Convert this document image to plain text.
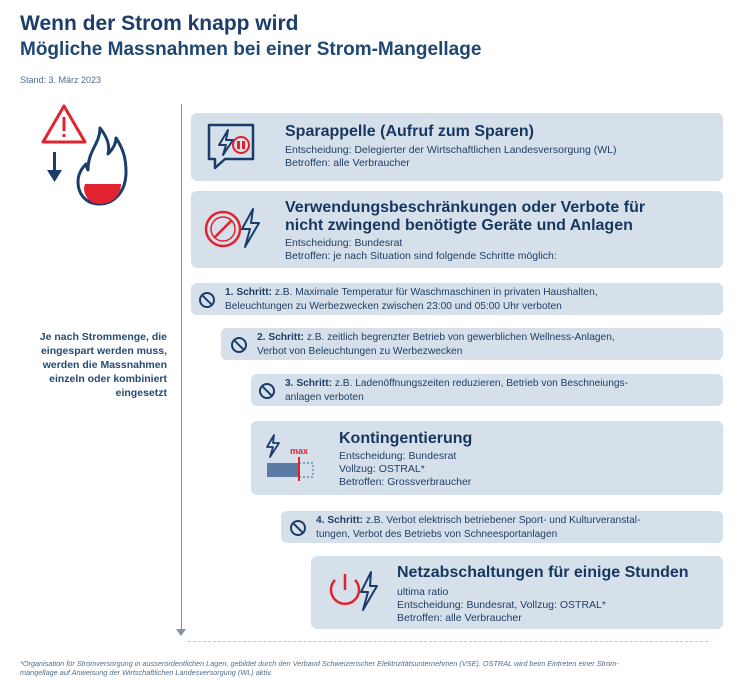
Wenn der Strom knapp wird
Mögliche Massnahmen bei einer Strom-Mangellage
Stand: 3. März 2023
Je nach Strommenge, die eingespart werden muss, werden die Massnahmen einzeln oder kombiniert eingesetzt
Sparappelle (Aufruf zum Sparen)
Entscheidung: Delegierter der Wirtschaftlichen Landesversorgung (WL)
Betroffen: alle Verbraucher
Verwendungsbeschränkungen oder Verbote für
nicht zwingend benötigte Geräte und Anlagen
Entscheidung: Bundesrat
Betroffen: je nach Situation sind folgende Schritte möglich:
1. Schritt: z.B. Maximale Temperatur für Waschmaschinen in privaten Haushalten,
Beleuchtungen zu Werbezwecken zwischen 23:00 und 05:00 Uhr verboten
2. Schritt: z.B. zeitlich begrenzter Betrieb von gewerblichen Wellness-Anlagen,
Verbot von Beleuchtungen zu Werbezwecken
3. Schritt: z.B. Ladenöffnungszeiten reduzieren, Betrieb von Beschneiungs-
anlagen verboten
max
Kontingentierung
Entscheidung: Bundesrat
Vollzug: OSTRAL*
Betroffen: Grossverbraucher
4. Schritt: z.B. Verbot elektrisch betriebener Sport- und Kulturveranstal-
tungen, Verbot des Betriebs von Schneesportanlagen
Netzabschaltungen für einige Stunden
ultima ratio
Entscheidung: Bundesrat, Vollzug: OSTRAL*
Betroffen: alle Verbraucher
*Organisation für Stromversorgung in ausserordentlichen Lagen, gebildet durch den Verband Schweizerischer Elektrizitätsunternehmen (VSE). OSTRAL wird beim Eintreten einer Strom-
mangellage auf Anweisung der Wirtschaftlichen Landesversorgung (WL) aktiv.
